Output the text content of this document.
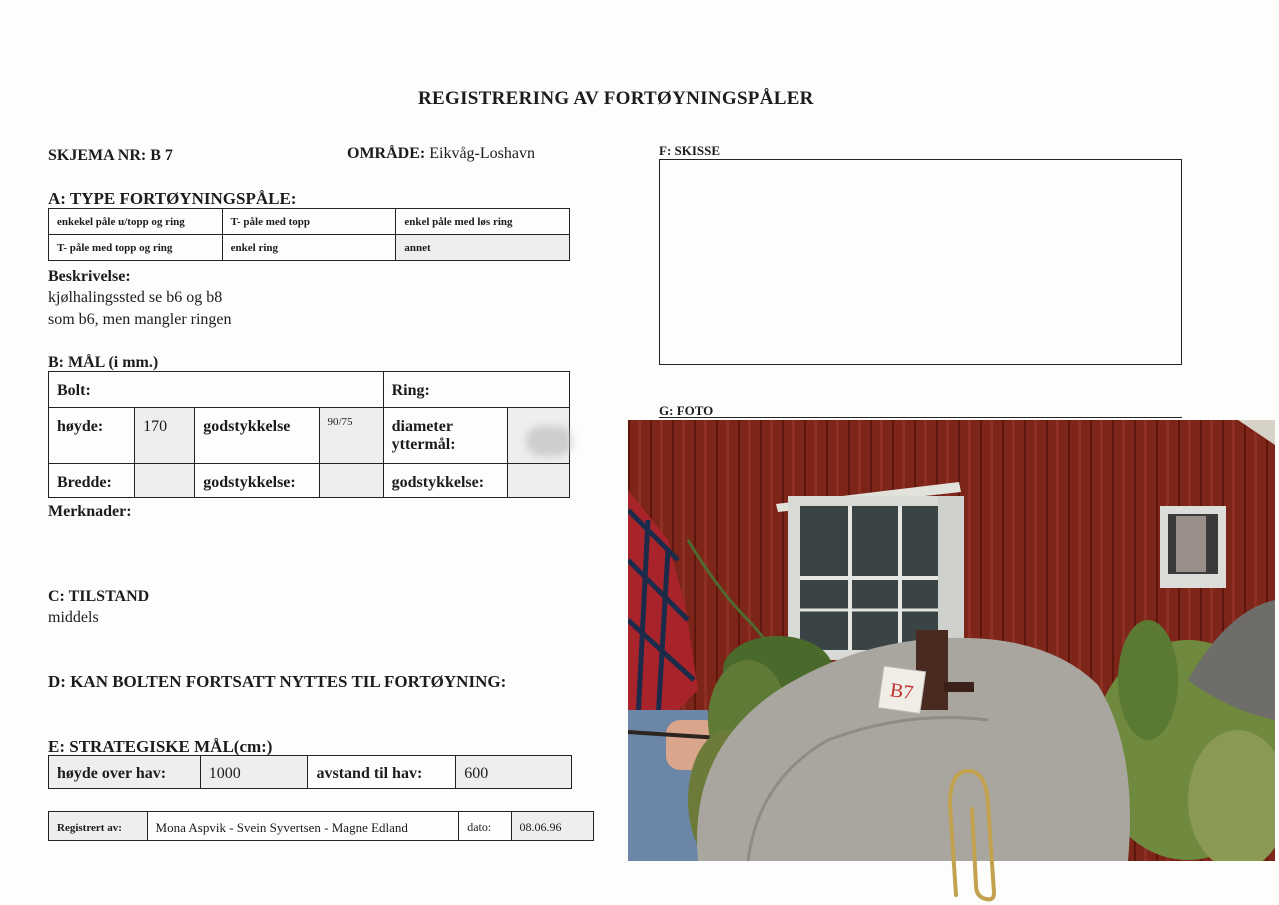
REGISTRERING AV FORTØYNINGSPÅLER
SKJEMA NR: B 7	OMRÅDE: Eikvåg-Loshavn
A: TYPE FORTØYNINGSPÅLE:
enkekel påle u/topp og ring	T- påle med topp	enkel påle med løs ring
T- påle med topp og ring	enkel ring	annet
Beskrivelse:
kjølhalingssted se b6 og b8
som b6, men mangler ringen
B: MÅL (i mm.)
Bolt:				Ring:	
høyde:	170	godstykkelse	90/75	diameter
yttermål:	

Bredde:		godstykkelse:		godstykkelse:	
Merknader:
C: TILSTAND
middels
D: KAN BOLTEN FORTSATT NYTTES TIL FORTØYNING:
E: STRATEGISKE MÅL(cm:)
høyde over hav:	1000	avstand til hav:	600
Registrert av:	Mona Aspvik - Svein Syvertsen - Magne Edland	dato:	08.06.96
F: SKISSE
G: FOTO
B7
